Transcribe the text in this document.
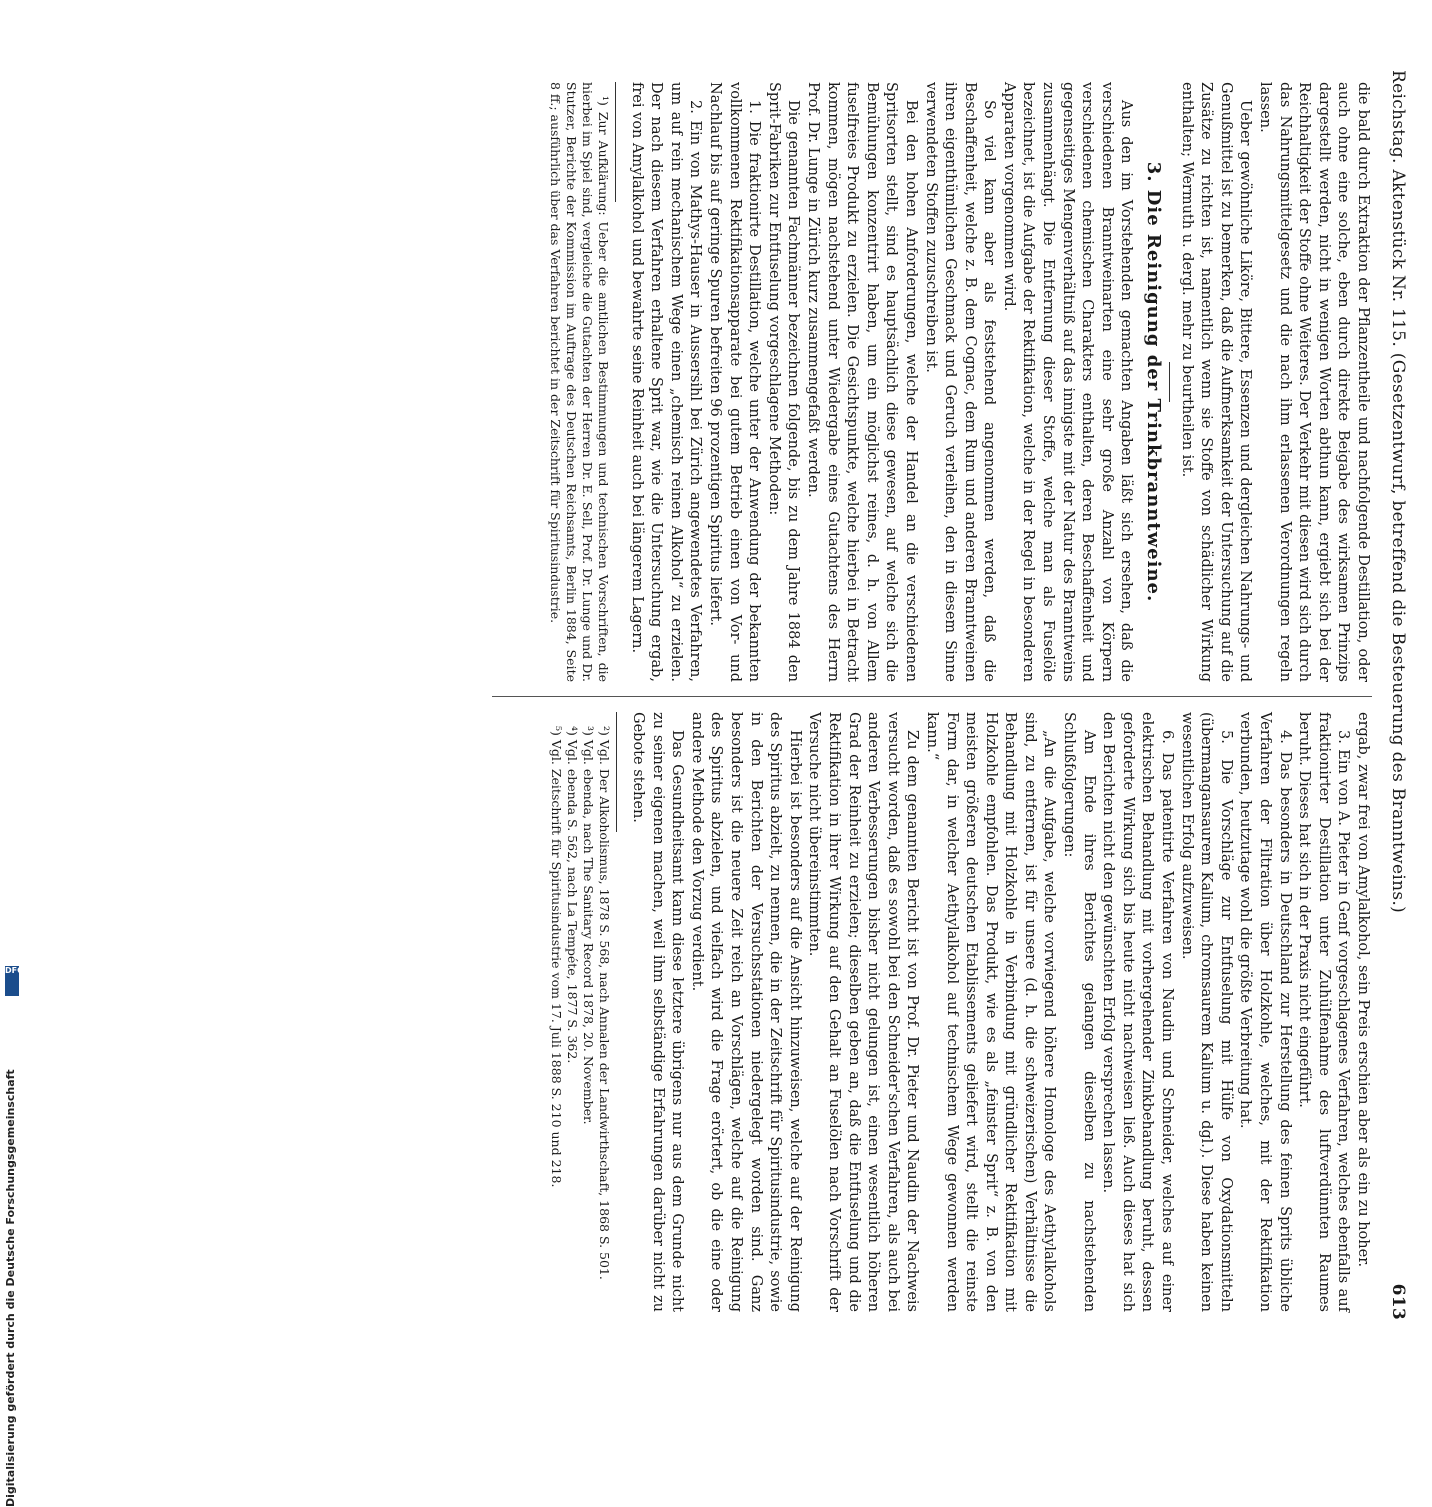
Reichstag. Aktenstück Nr. 115. (Gesetzentwurf, betreffend die Besteuerung des Branntweins.)
613

die bald durch Extraktion der Pflanzentheile und nachfolgende Destillation, oder auch ohne eine solche, eben durch direkte Beigabe des wirksamen Prinzips dargestellt werden, nicht in wenigen Worten abthun kann, ergiebt sich bei der Reichhaltigkeit der Stoffe ohne Weiteres. Der Verkehr mit diesen wird sich durch das Nahrungsmittelgesetz und die nach ihm erlassenen Verordnungen regeln lassen.

Ueber gewöhnliche Liköre, Bittere, Essenzen und dergleichen Nahrungs- und Genußmittel ist zu bemerken, daß die Aufmerksamkeit der Untersuchung auf die Zusätze zu richten ist, namentlich wenn sie Stoffe von schädlicher Wirkung enthalten; Wermuth u. dergl. mehr zu beurtheilen ist.

3. Die Reinigung der Trinkbranntweine.

Aus den im Vorstehenden gemachten Angaben läßt sich ersehen, daß die verschiedenen Branntweinarten eine sehr große Anzahl von Körpern verschiedenen chemischen Charakters enthalten, deren Beschaffenheit und gegenseitiges Mengenverhältniß auf das innigste mit der Natur des Branntweins zusammenhängt. Die Entfernung dieser Stoffe, welche man als Fuselöle bezeichnet, ist die Aufgabe der Rektifikation, welche in der Regel in besonderen Apparaten vorgenommen wird.

So viel kann aber als feststehend angenommen werden, daß die Beschaffenheit, welche z. B. dem Cognac, dem Rum und anderen Branntweinen ihren eigenthümlichen Geschmack und Geruch verleihen, den in diesem Sinne verwendeten Stoffen zuzuschreiben ist.

Bei den hohen Anforderungen, welche der Handel an die verschiedenen Spritsorten stellt, sind es hauptsächlich diese gewesen, auf welche sich die Bemühungen konzentrirt haben, um ein möglichst reines, d. h. von Allem fuselfreies Produkt zu erzielen. Die Gesichtspunkte, welche hierbei in Betracht kommen, mögen nachstehend unter Wiedergabe eines Gutachtens des Herrn Prof. Dr. Lunge in Zürich kurz zusammengefaßt werden.

Die genannten Fachmänner bezeichnen folgende, bis zu dem Jahre 1884 den Sprit-Fabriken zur Entfuselung vorgeschlagene Methoden:

1. Die fraktionirte Destillation, welche unter der Anwendung der bekannten vollkommenen Rektifikationsapparate bei gutem Betrieb einen von Vor- und Nachlauf bis auf geringe Spuren befreiten 96 prozentigen Spiritus liefert.

2. Ein von Mathys-Hauser in Aussersihl bei Zürich angewendetes Verfahren, um auf rein mechanischem Wege einen „chemisch reinen Alkohol“ zu erzielen. Der nach diesem Verfahren erhaltene Sprit war, wie die Untersuchung ergab, frei von Amylalkohol und bewahrte seine Reinheit auch bei längerem Lagern.

¹) Zur Aufklärung: Ueber die amtlichen Bestimmungen und technischen Vorschriften, die hierbei im Spiel sind, vergleiche die Gutachten der Herren Dr. E. Sell, Prof. Dr. Lunge und Dr. Stutzer, Berichte der Kommission im Auftrage des Deutschen Reichsamts, Berlin 1884, Seite 8 ff.; ausführlich über das Verfahren berichtet in der Zeitschrift für Spiritusindustrie.

ergab, zwar frei von Amylalkohol, sein Preis erschien aber als ein zu hoher.

3. Ein von A. Pieter in Genf vorgeschlagenes Verfahren, welches ebenfalls auf fraktionirter Destillation unter Zuhülfenahme des luftverdünnten Raumes beruht. Dieses hat sich in der Praxis nicht eingeführt.

4. Das besonders in Deutschland zur Herstellung des feinen Sprits übliche Verfahren der Filtration über Holzkohle, welches, mit der Rektifikation verbunden, heutzutage wohl die größte Verbreitung hat.

5. Die Vorschläge zur Entfuselung mit Hülfe von Oxydationsmitteln (übermangansaurem Kalium, chromsaurem Kalium u. dgl.). Diese haben keinen wesentlichen Erfolg aufzuweisen.

6. Das patentirte Verfahren von Naudin und Schneider, welches auf einer elektrischen Behandlung mit vorhergehender Zinkbehandlung beruht, dessen geforderte Wirkung sich bis heute nicht nachweisen ließ. Auch dieses hat sich den Berichten nicht den gewünschten Erfolg versprechen lassen.

Am Ende ihres Berichtes gelangen dieselben zu nachstehenden Schlußfolgerungen:

„An die Aufgabe, welche vorwiegend höhere Homologe des Aethylalkohols sind, zu entfernen, ist für unsere (d. h. die schweizerischen) Verhältnisse die Behandlung mit Holzkohle in Verbindung mit gründlicher Rektifikation mit Holzkohle empfohlen. Das Produkt, wie es als „feinster Sprit“ z. B. von den meisten größeren deutschen Etablissements geliefert wird, stellt die reinste Form dar, in welcher Aethylalkohol auf technischem Wege gewonnen werden kann.“

Zu dem genannten Bericht ist von Prof. Dr. Pieter und Naudin der Nachweis versucht worden, daß es sowohl bei den Schneider'schen Verfahren, als auch bei anderen Verbesserungen bisher nicht gelungen ist, einen wesentlich höheren Grad der Reinheit zu erzielen; dieselben geben an, daß die Entfuselung und die Rektifikation in ihrer Wirkung auf den Gehalt an Fuselölen nach Vorschrift der Versuche nicht übereinstimmten.

Hierbei ist besonders auf die Ansicht hinzuweisen, welche auf der Reinigung des Spiritus abzielt, zu nennen, die in der Zeitschrift für Spiritusindustrie, sowie in den Berichten der Versuchsstationen niedergelegt worden sind. Ganz besonders ist die neuere Zeit reich an Vorschlägen, welche auf die Reinigung des Spiritus abzielen, und vielfach wird die Frage erörtert, ob die eine oder andere Methode den Vorzug verdient.

Das Gesundheitsamt kann diese letztere übrigens nur aus dem Grunde nicht zu seiner eigenen machen, weil ihm selbständige Erfahrungen darüber nicht zu Gebote stehen.

²) Vgl. Der Alkoholismus, 1878 S. 568, nach Annalen der Landwirthschaft, 1868 S. 501.

³) Vgl. ebenda, nach The Sanitary Record 1878, 20. November.

⁴) Vgl. ebenda S. 562, nach La Tempéte, 1877 S. 362.

⁵) Vgl. Zeitschrift für Spiritusindustrie vom 17. Juli 1888 S. 210 und 218.

Digitalisierung gefördert durch die Deutsche Forschungsgemeinschaft
DFG
